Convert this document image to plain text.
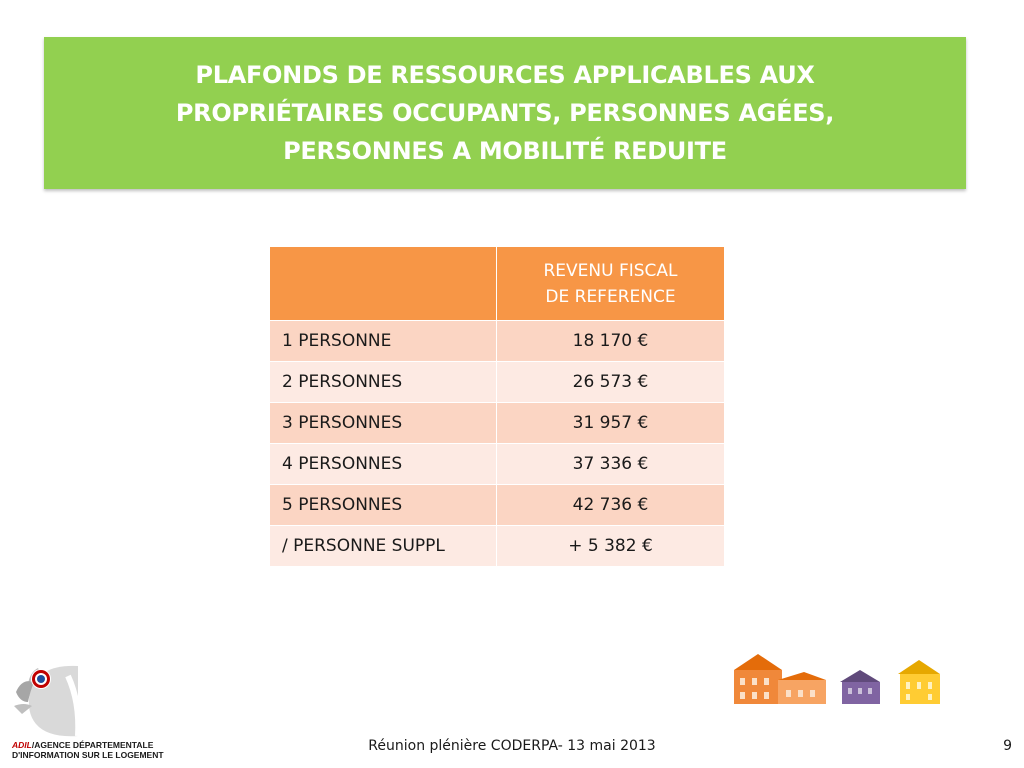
PLAFONDS DE RESSOURCES APPLICABLES AUX
PROPRIÉTAIRES OCCUPANTS, PERSONNES AGÉES,
PERSONNES A MOBILITÉ REDUITE

	REVENU FISCAL
DE REFERENCE

1 PERSONNE	18 170 €
2 PERSONNES	26 573 €
3 PERSONNES	31 957 €
4 PERSONNES	37 336 €
5 PERSONNES	42 736 €
/ PERSONNE SUPPL	+ 5 382 €
ADIL/AGENCE DÉPARTEMENTALE
D'INFORMATION SUR LE LOGEMENT
Réunion plénière CODERPA- 13 mai 2013	9
